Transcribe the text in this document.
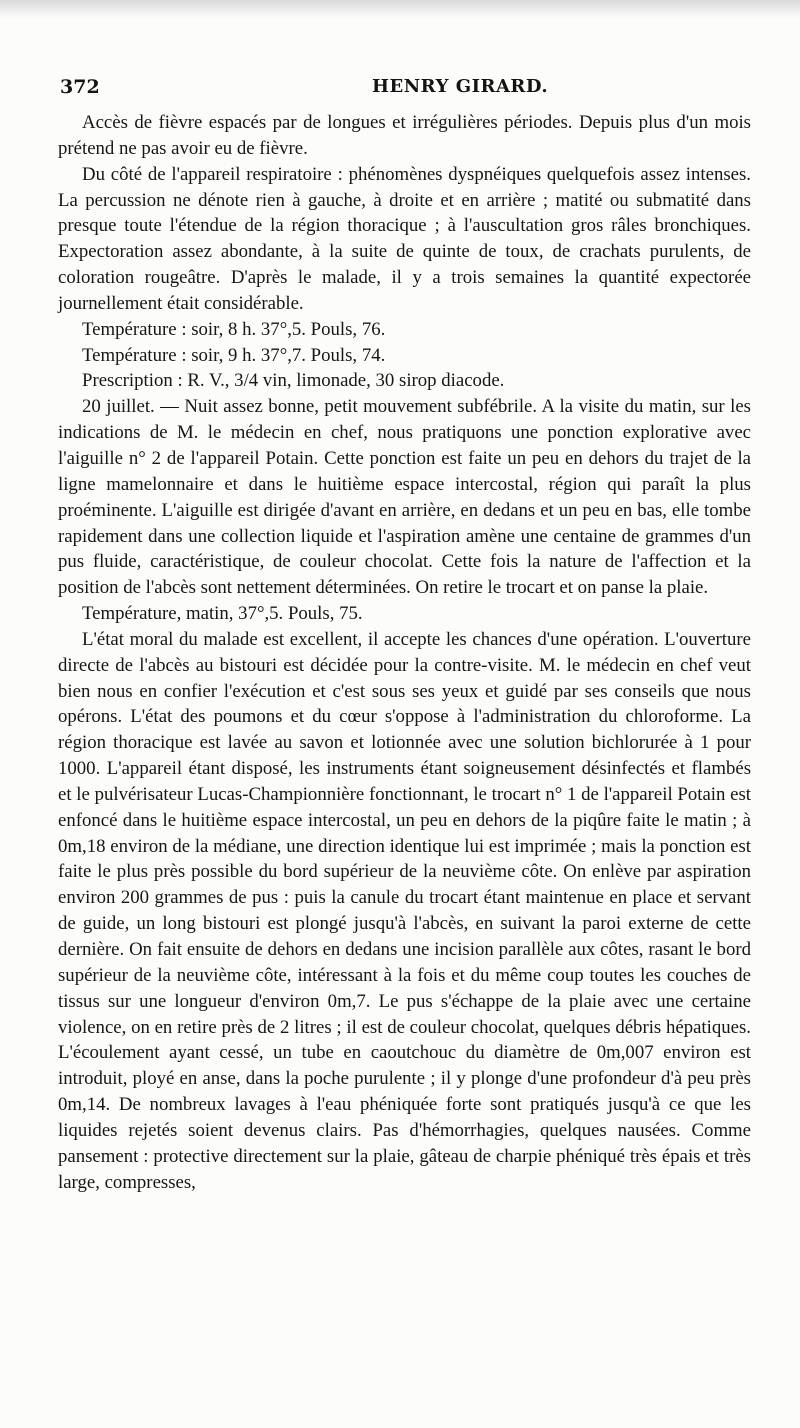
372	HENRY GIRARD.

Accès de fièvre espacés par de longues et irrégulières périodes. Depuis plus d'un mois prétend ne pas avoir eu de fièvre.

Du côté de l'appareil respiratoire : phénomènes dyspnéiques quelquefois assez intenses. La percussion ne dénote rien à gauche, à droite et en arrière ; matité ou submatité dans presque toute l'étendue de la région thoracique ; à l'auscultation gros râles bronchiques. Expectoration assez abondante, à la suite de quinte de toux, de crachats purulents, de coloration rougeâtre. D'après le malade, il y a trois semaines la quantité expectorée journellement était considérable.

Température : soir, 8 h. 37°,5. Pouls, 76.

Température : soir, 9 h. 37°,7. Pouls, 74.

Prescription : R. V., 3/4 vin, limonade, 30 sirop diacode.

20 juillet. — Nuit assez bonne, petit mouvement subfébrile. A la visite du matin, sur les indications de M. le médecin en chef, nous pratiquons une ponction explorative avec l'aiguille n° 2 de l'appareil Potain. Cette ponction est faite un peu en dehors du trajet de la ligne mamelonnaire et dans le huitième espace intercostal, région qui paraît la plus proéminente. L'aiguille est dirigée d'avant en arrière, en dedans et un peu en bas, elle tombe rapidement dans une collection liquide et l'aspiration amène une centaine de grammes d'un pus fluide, caractéristique, de couleur chocolat. Cette fois la nature de l'affection et la position de l'abcès sont nettement déterminées. On retire le trocart et on panse la plaie.

Température, matin, 37°,5. Pouls, 75.

L'état moral du malade est excellent, il accepte les chances d'une opération. L'ouverture directe de l'abcès au bistouri est décidée pour la contre-visite. M. le médecin en chef veut bien nous en confier l'exécution et c'est sous ses yeux et guidé par ses conseils que nous opérons. L'état des poumons et du cœur s'oppose à l'administration du chloroforme. La région thoracique est lavée au savon et lotionnée avec une solution bichlorurée à 1 pour 1000. L'appareil étant disposé, les instruments étant soigneusement désinfectés et flambés et le pulvérisateur Lucas-Championnière fonctionnant, le trocart n° 1 de l'appareil Potain est enfoncé dans le huitième espace intercostal, un peu en dehors de la piqûre faite le matin ; à 0m,18 environ de la médiane, une direction identique lui est imprimée ; mais la ponction est faite le plus près possible du bord supérieur de la neuvième côte. On enlève par aspiration environ 200 grammes de pus : puis la canule du trocart étant maintenue en place et servant de guide, un long bistouri est plongé jusqu'à l'abcès, en suivant la paroi externe de cette dernière. On fait ensuite de dehors en dedans une incision parallèle aux côtes, rasant le bord supérieur de la neuvième côte, intéressant à la fois et du même coup toutes les couches de tissus sur une longueur d'environ 0m,7. Le pus s'échappe de la plaie avec une certaine violence, on en retire près de 2 litres ; il est de couleur chocolat, quelques débris hépatiques. L'écoulement ayant cessé, un tube en caoutchouc du diamètre de 0m,007 environ est introduit, ployé en anse, dans la poche purulente ; il y plonge d'une profondeur d'à peu près 0m,14. De nombreux lavages à l'eau phéniquée forte sont pratiqués jusqu'à ce que les liquides rejetés soient devenus clairs. Pas d'hémorrhagies, quelques nausées. Comme pansement : protective directement sur la plaie, gâteau de charpie phéniqué très épais et très large, compresses,
